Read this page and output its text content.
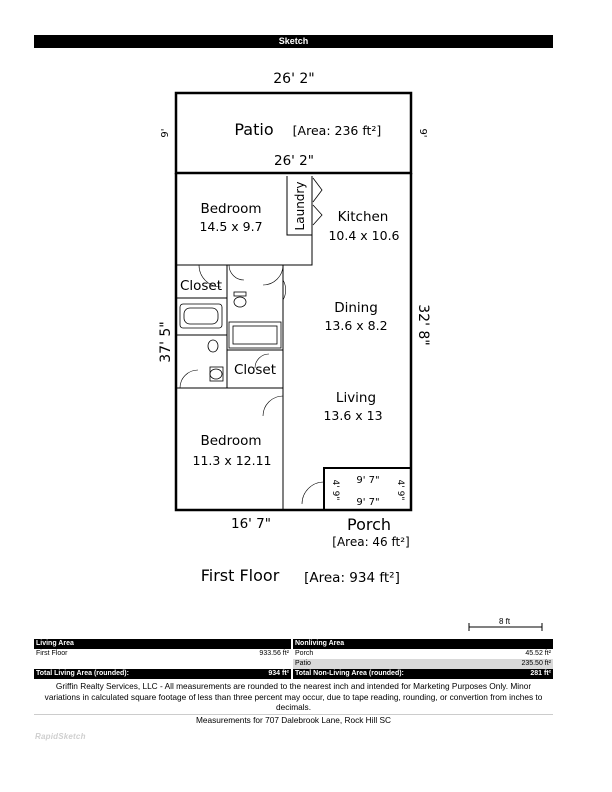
Sketch
26' 2"
Patio [Area: 236 ft²]
26' 2"
9'	9'
Bedroom
14.5 x 9.7	Laundry Kitchen
10.4 x 10.6
Closet
Closet
Dining
13.6 x 8.2
Living
13.6 x 13
Bedroom
11.3 x 12.11
37' 5"	32' 8"
9' 7"
9' 7"
4' 9"	4' 9"
16' 7"	Porch
[Area: 46 ft²]
First Floor [Area: 934 ft²]
8 ft
Living Area		Nonliving Area	
First Floor	933.56 ft²	Porch	45.52 ft²
		Patio	235.50 ft²
Total Living Area (rounded):	934 ft²	Total Non-Living Area (rounded):	281 ft²
Griffin Realty Services, LLC - All measurements are rounded to the nearest inch and intended for Marketing Purposes Only. Minor variations in calculated square footage of less than three percent may occur, due to tape reading, rounding, or convertion from inches to decimals.
Measurements for 707 Dalebrook Lane, Rock Hill SC
RapidSketch
